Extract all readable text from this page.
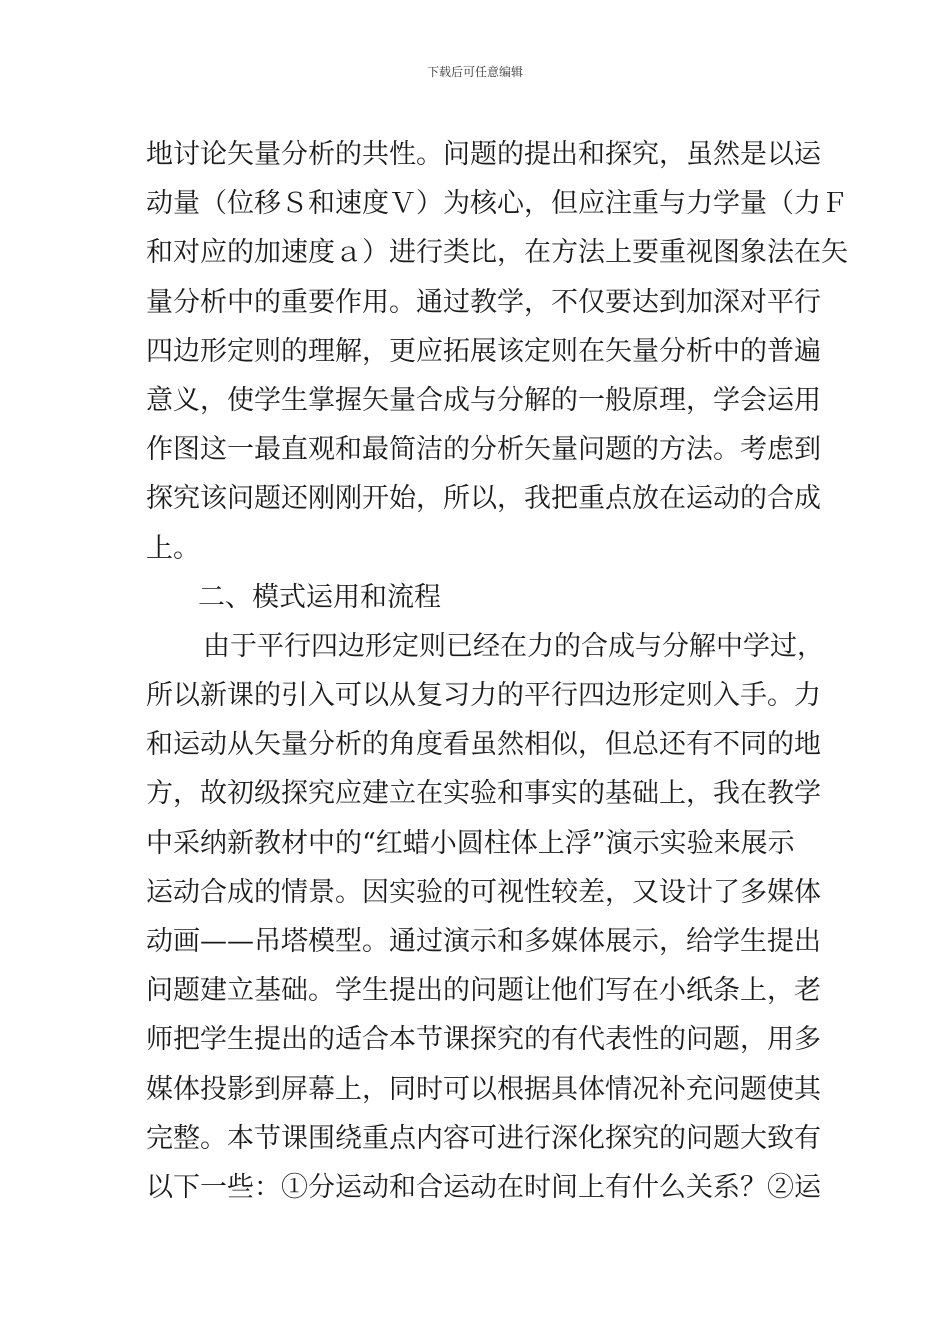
下载后可任意编辑
地讨论矢量分析的共性。问题的提出和探究，虽然是以运
动量（位移Ｓ和速度Ｖ）为核心，但应注重与力学量（力Ｆ
和对应的加速度ａ）进行类比，在方法上要重视图象法在矢
量分析中的重要作用。通过教学，不仅要达到加深对平行
四边形定则的理解，更应拓展该定则在矢量分析中的普遍
意义，使学生掌握矢量合成与分解的一般原理，学会运用
作图这一最直观和最简洁的分析矢量问题的方法。考虑到
探究该问题还刚刚开始，所以，我把重点放在运动的合成
上。
二、模式运用和流程
由于平行四边形定则已经在力的合成与分解中学过，
所以新课的引入可以从复习力的平行四边形定则入手。力
和运动从矢量分析的角度看虽然相似，但总还有不同的地
方，故初级探究应建立在实验和事实的基础上，我在教学
中采纳新教材中的“红蜡小圆柱体上浮”演示实验来展示
运动合成的情景。因实验的可视性较差，又设计了多媒体
动画——吊塔模型。通过演示和多媒体展示，给学生提出
问题建立基础。学生提出的问题让他们写在小纸条上，老
师把学生提出的适合本节课探究的有代表性的问题，用多
媒体投影到屏幕上，同时可以根据具体情况补充问题使其
完整。本节课围绕重点内容可进行深化探究的问题大致有
以下一些：①分运动和合运动在时间上有什么关系？②运
